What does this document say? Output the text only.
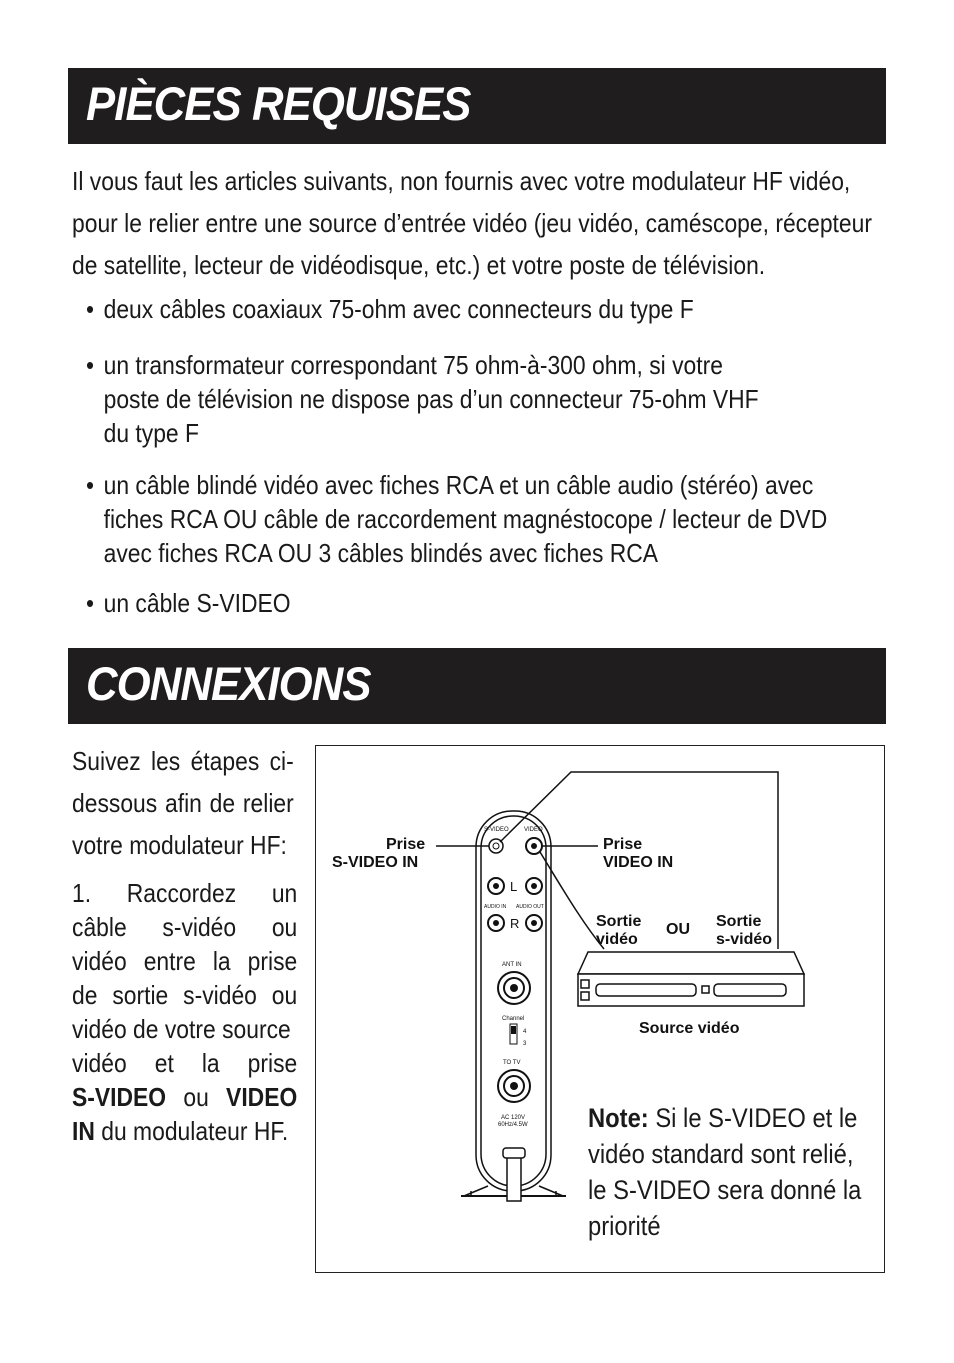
PIÈCES REQUISES

Il vous faut les articles suivants, non fournis avec votre modulateur HF vidéo,

pour le relier entre une source d’entrée vidéo (jeu vidéo, caméscope, récepteur

de satellite, lecteur de vidéodisque, etc.) et votre poste de télévision.

• deux câbles coaxiaux 75-ohm avec connecteurs du type F
• un transformateur correspondant 75 ohm-à-300 ohm, si votre
poste de télévision ne dispose pas d’un connecteur 75-ohm VHF
du type F
• un câble blindé vidéo avec fiches RCA et un câble audio (stéréo) avec
fiches RCA OU câble de raccordement magnéstocope / lecteur de DVD
avec fiches RCA OU 3 câbles blindés avec fiches RCA
• un câble S-VIDEO
CONNEXIONS
Suivez les étapes ci-dessous afin de relier votre modulateur HF:
1. Raccordez un
câble s-vidéo ou
vidéo entre la prise
de sortie s-vidéo ou
vidéo de votre source
vidéo et la prise
S-VIDEO ou VIDEO
IN
du modulateur HF.
S-VIDEO	VIDEO
L
R
AUDIO IN AUDIO OUT
ANT IN
Channel
4
3
TO TV
AC 120V
60Hz/4.5W
Prise
S-VIDEO IN
Prise
VIDEO IN
Sortie
vidéo
OU Sortie
s-vidéo
Source vidéo
Note: Si le S-VIDEO et le vidéo standard sont relié, le S-VIDEO sera donné la priorité
